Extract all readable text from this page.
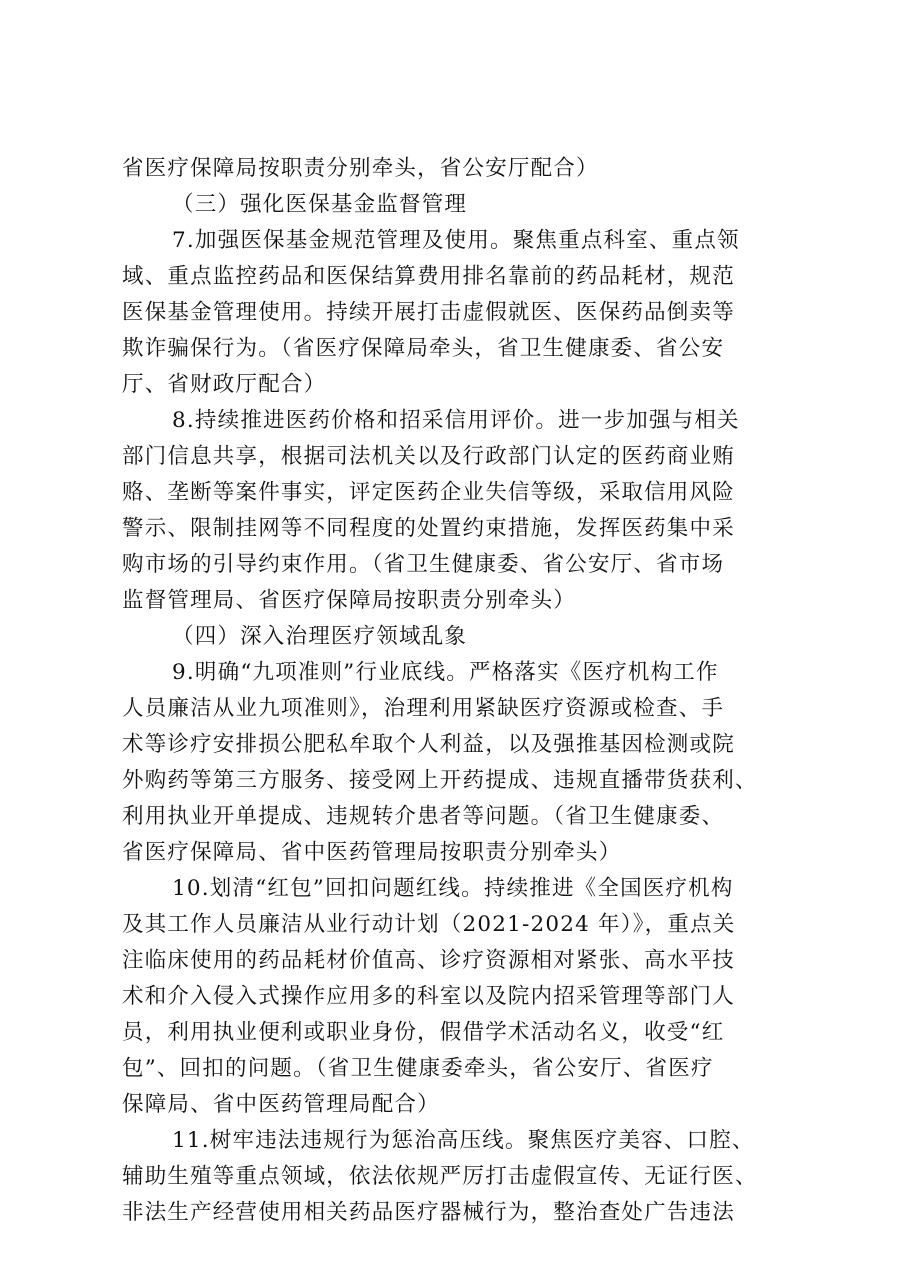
省医疗保障局按职责分别牵头，省公安厅配合）
（三）强化医保基金监督管理
7.加强医保基金规范管理及使用。聚焦重点科室、重点领
域、重点监控药品和医保结算费用排名靠前的药品耗材，规范
医保基金管理使用。持续开展打击虚假就医、医保药品倒卖等
欺诈骗保行为。（省医疗保障局牵头，省卫生健康委、省公安
厅、省财政厅配合）
8.持续推进医药价格和招采信用评价。进一步加强与相关
部门信息共享，根据司法机关以及行政部门认定的医药商业贿
赂、垄断等案件事实，评定医药企业失信等级，采取信用风险
警示、限制挂网等不同程度的处置约束措施，发挥医药集中采
购市场的引导约束作用。（省卫生健康委、省公安厅、省市场
监督管理局、省医疗保障局按职责分别牵头）
（四）深入治理医疗领域乱象
9.明确“九项准则”行业底线。严格落实《医疗机构工作
人员廉洁从业九项准则》，治理利用紧缺医疗资源或检查、手
术等诊疗安排损公肥私牟取个人利益，以及强推基因检测或院
外购药等第三方服务、接受网上开药提成、违规直播带货获利、
利用执业开单提成、违规转介患者等问题。（省卫生健康委、
省医疗保障局、省中医药管理局按职责分别牵头）
10.划清“红包”回扣问题红线。持续推进《全国医疗机构
及其工作人员廉洁从业行动计划（2021-2024 年）》，重点关
注临床使用的药品耗材价值高、诊疗资源相对紧张、高水平技
术和介入侵入式操作应用多的科室以及院内招采管理等部门人
员，利用执业便利或职业身份，假借学术活动名义，收受“红
包”、回扣的问题。（省卫生健康委牵头，省公安厅、省医疗
保障局、省中医药管理局配合）
11.树牢违法违规行为惩治高压线。聚焦医疗美容、口腔、
辅助生殖等重点领域，依法依规严厉打击虚假宣传、无证行医、
非法生产经营使用相关药品医疗器械行为，整治查处广告违法
